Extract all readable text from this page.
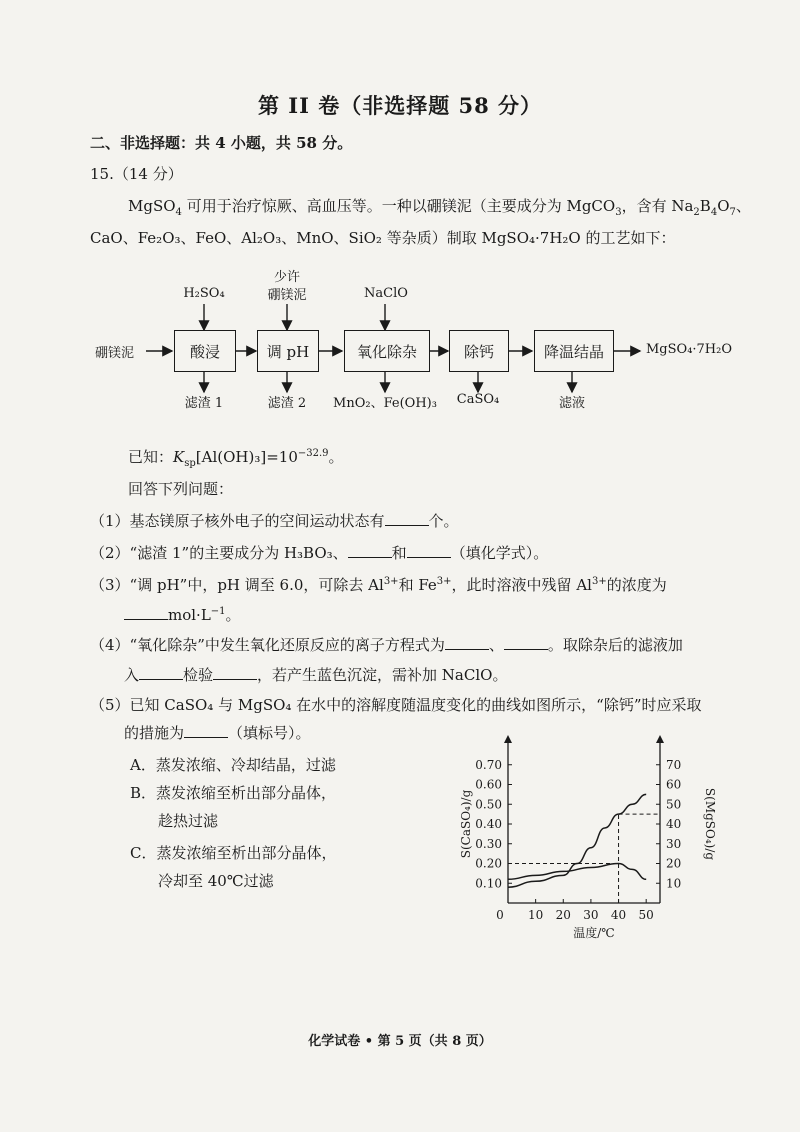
第 II 卷（非选择题 58 分）
二、非选择题：共 4 小题，共 58 分。
15.（14 分）
MgSO$_4$ 可用于治疗惊厥、高血压等。一种以硼镁泥（主要成分为 MgCO$_3$，含有 $Na_2B_4O_7$、
CaO、Fe₂O₃、FeO、Al₂O₃、MnO、SiO₂ 等杂质）制取 MgSO₄·7H₂O 的工艺如下：
硼镁泥	MgSO₄·7H₂O
酸浸	调 pH	氧化除杂	除钙	降温结晶
H₂SO₄
少许
硼镁泥	NaClO
滤渣 1	滤渣 2	MnO₂、Fe(OH)₃	CaSO₄	滤液
已知：$K_{sp}[Al(OH)_3]=10^{-32.9}$。
回答下列问题：
（1）基态镁原子核外电子的空间运动状态有	个。
（2）“滤渣 1”的主要成分为 H₃BO₃、	和	（填化学式）。
（3）“调 pH”中，pH 调至 6.0，可除去 $Al^{3+}$和 $Fe^{3+}$，此时溶液中残留 $Al^{3+}$的浓度为
$mol\cdot L^{-1}$。
（4）“氧化除杂”中发生氧化还原反应的离子方程式为	、	。取除杂后的滤液加
入	检验	，若产生蓝色沉淀，需补加 NaClO。
（5）已知 CaSO₄ 与 MgSO₄ 在水中的溶解度随温度变化的曲线如图所示，“除钙”时应采取
的措施为	（填标号）。
A．蒸发浓缩、冷却结晶，过滤
B．蒸发浓缩至析出部分晶体，
趁热过滤
C．蒸发浓缩至析出部分晶体，
冷却至 40℃过滤
0 10 20 30 40 50
0.10
0.20
0.30
0.40
0.50
0.60
0.70
10
20
30
40
50
60
70
S(CaSO₄)/g	S(MgSO₄)/g
温度/℃
化学试卷 • 第 5 页（共 8 页）
